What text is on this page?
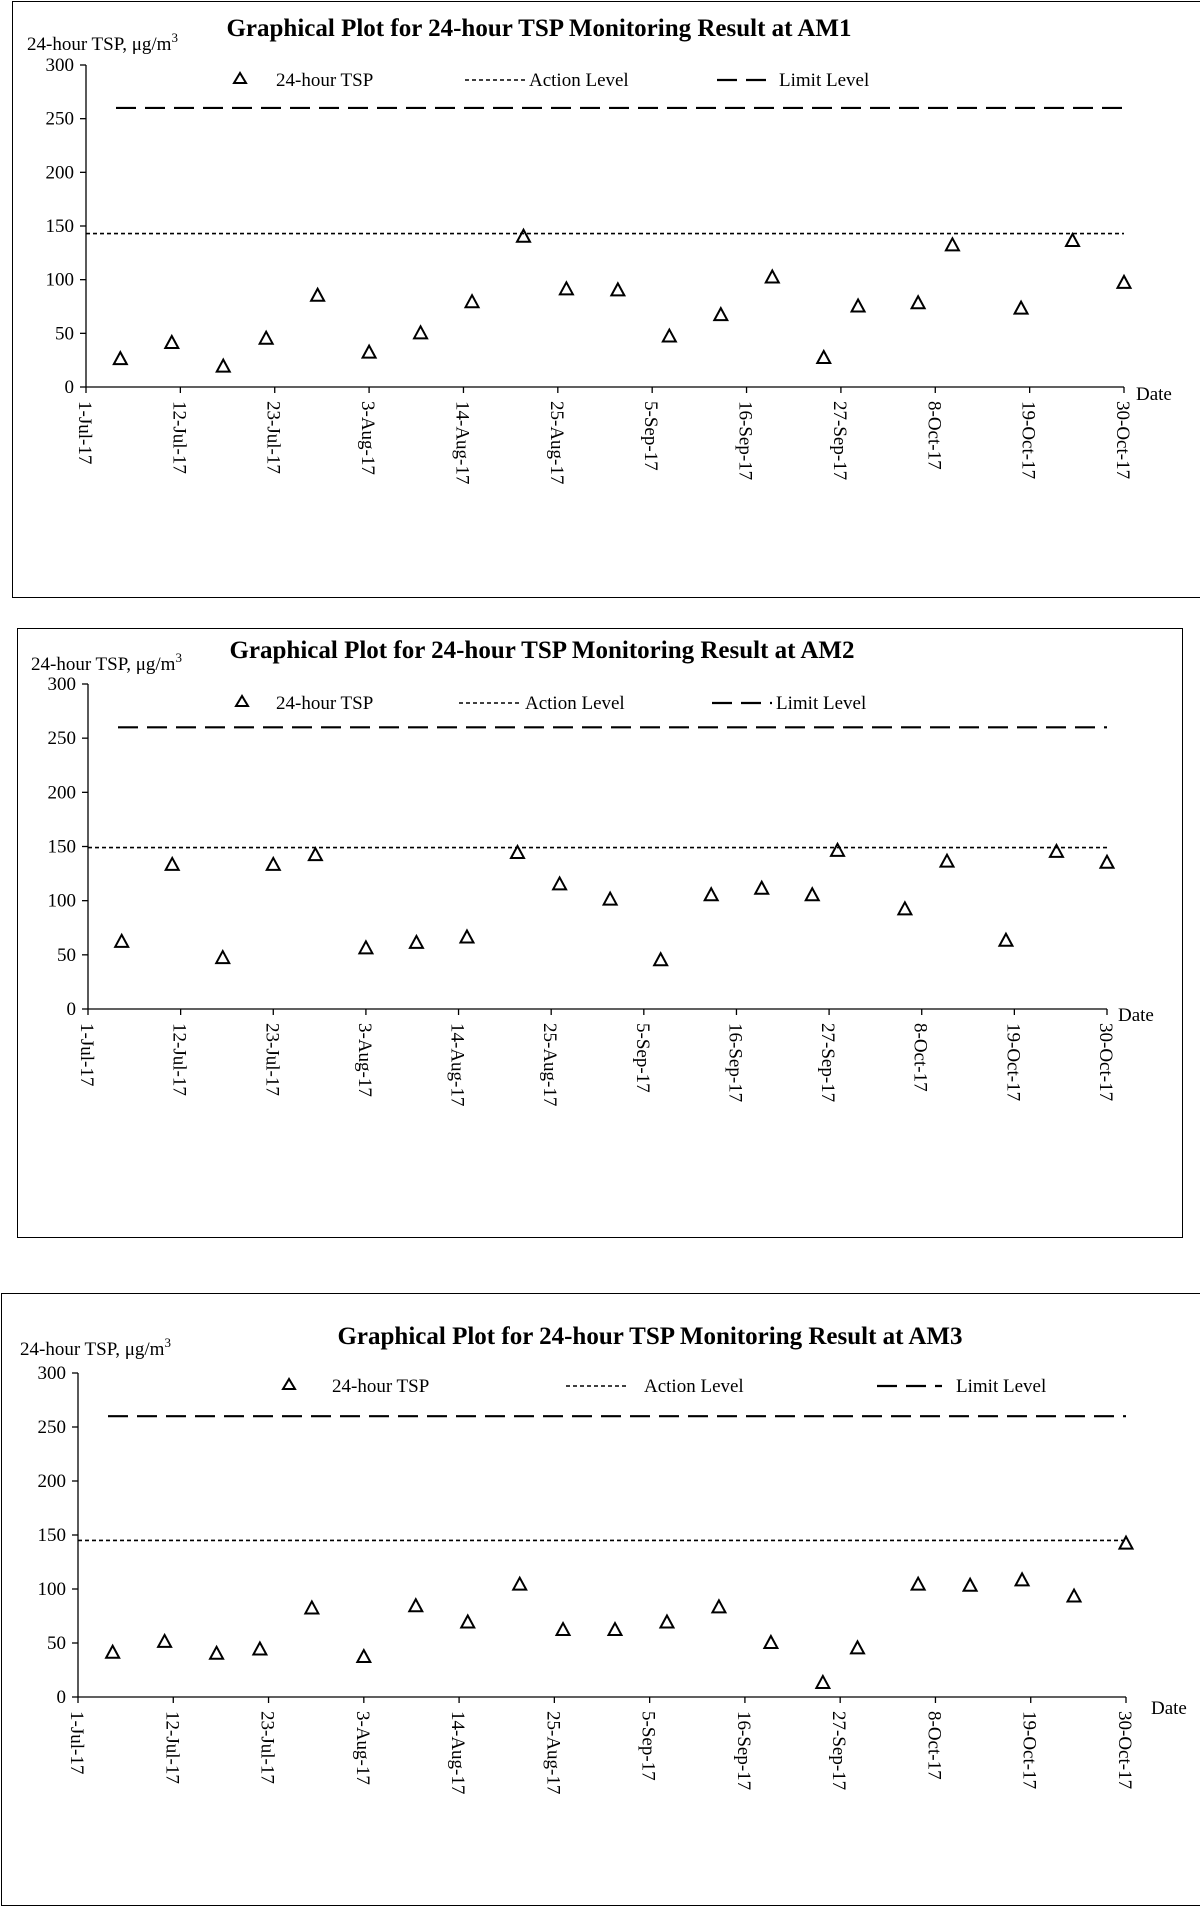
Graphical Plot for 24-hour TSP Monitoring Result at AM1
24-hour TSP, $\mu g/m^3$
0
50
100
150
200
250
300
1-Jul-17	12-Jul-17	23-Jul-17	3-Aug-17	14-Aug-17	25-Aug-17	5-Sep-17	16-Sep-17	27-Sep-17	8-Oct-17	19-Oct-17	30-Oct-17
Date
24-hour TSP	Action Level	Limit Level
Graphical Plot for 24-hour TSP Monitoring Result at AM2
24-hour TSP, $\mu g/m^3$
0
50
100
150
200
250
300
1-Jul-17	12-Jul-17	23-Jul-17	3-Aug-17	14-Aug-17	25-Aug-17	5-Sep-17	16-Sep-17	27-Sep-17	8-Oct-17	19-Oct-17	30-Oct-17
Date
24-hour TSP	Action Level	Limit Level
Graphical Plot for 24-hour TSP Monitoring Result at AM3
24-hour TSP, $\mu g/m^3$
0
50
100
150
200
250
300
1-Jul-17	12-Jul-17	23-Jul-17	3-Aug-17	14-Aug-17	25-Aug-17	5-Sep-17	16-Sep-17	27-Sep-17	8-Oct-17	19-Oct-17	30-Oct-17
Date
24-hour TSP	Action Level	Limit Level
